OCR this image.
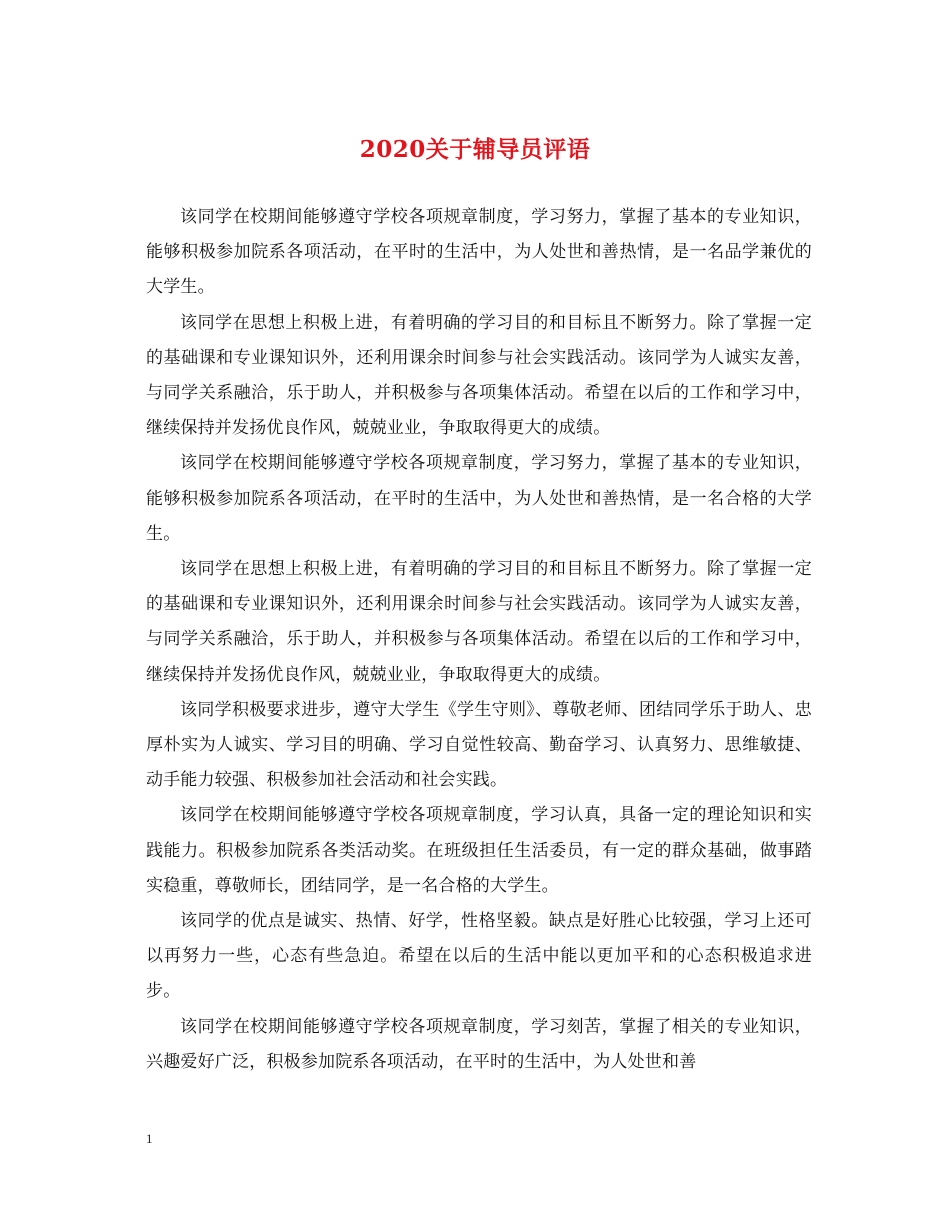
2020关于辅导员评语

该同学在校期间能够遵守学校各项规章制度，学习努力，掌握了基本的专业知识，能够积极参加院系各项活动，在平时的生活中，为人处世和善热情，是一名品学兼优的大学生。

该同学在思想上积极上进，有着明确的学习目的和目标且不断努力。除了掌握一定的基础课和专业课知识外，还利用课余时间参与社会实践活动。该同学为人诚实友善，与同学关系融洽，乐于助人，并积极参与各项集体活动。希望在以后的工作和学习中，继续保持并发扬优良作风，兢兢业业，争取取得更大的成绩。

该同学在校期间能够遵守学校各项规章制度，学习努力，掌握了基本的专业知识，能够积极参加院系各项活动，在平时的生活中，为人处世和善热情，是一名合格的大学生。

该同学在思想上积极上进，有着明确的学习目的和目标且不断努力。除了掌握一定的基础课和专业课知识外，还利用课余时间参与社会实践活动。该同学为人诚实友善，与同学关系融洽，乐于助人，并积极参与各项集体活动。希望在以后的工作和学习中，继续保持并发扬优良作风，兢兢业业，争取取得更大的成绩。

该同学积极要求进步，遵守大学生《学生守则》、尊敬老师、团结同学乐于助人、忠厚朴实为人诚实、学习目的明确、学习自觉性较高、勤奋学习、认真努力、思维敏捷、动手能力较强、积极参加社会活动和社会实践。

该同学在校期间能够遵守学校各项规章制度，学习认真，具备一定的理论知识和实践能力。积极参加院系各类活动奖。在班级担任生活委员，有一定的群众基础，做事踏实稳重，尊敬师长，团结同学，是一名合格的大学生。

该同学的优点是诚实、热情、好学，性格坚毅。缺点是好胜心比较强，学习上还可以再努力一些，心态有些急迫。希望在以后的生活中能以更加平和的心态积极追求进步。

该同学在校期间能够遵守学校各项规章制度，学习刻苦，掌握了相关的专业知识，兴趣爱好广泛，积极参加院系各项活动，在平时的生活中，为人处世和善

1
